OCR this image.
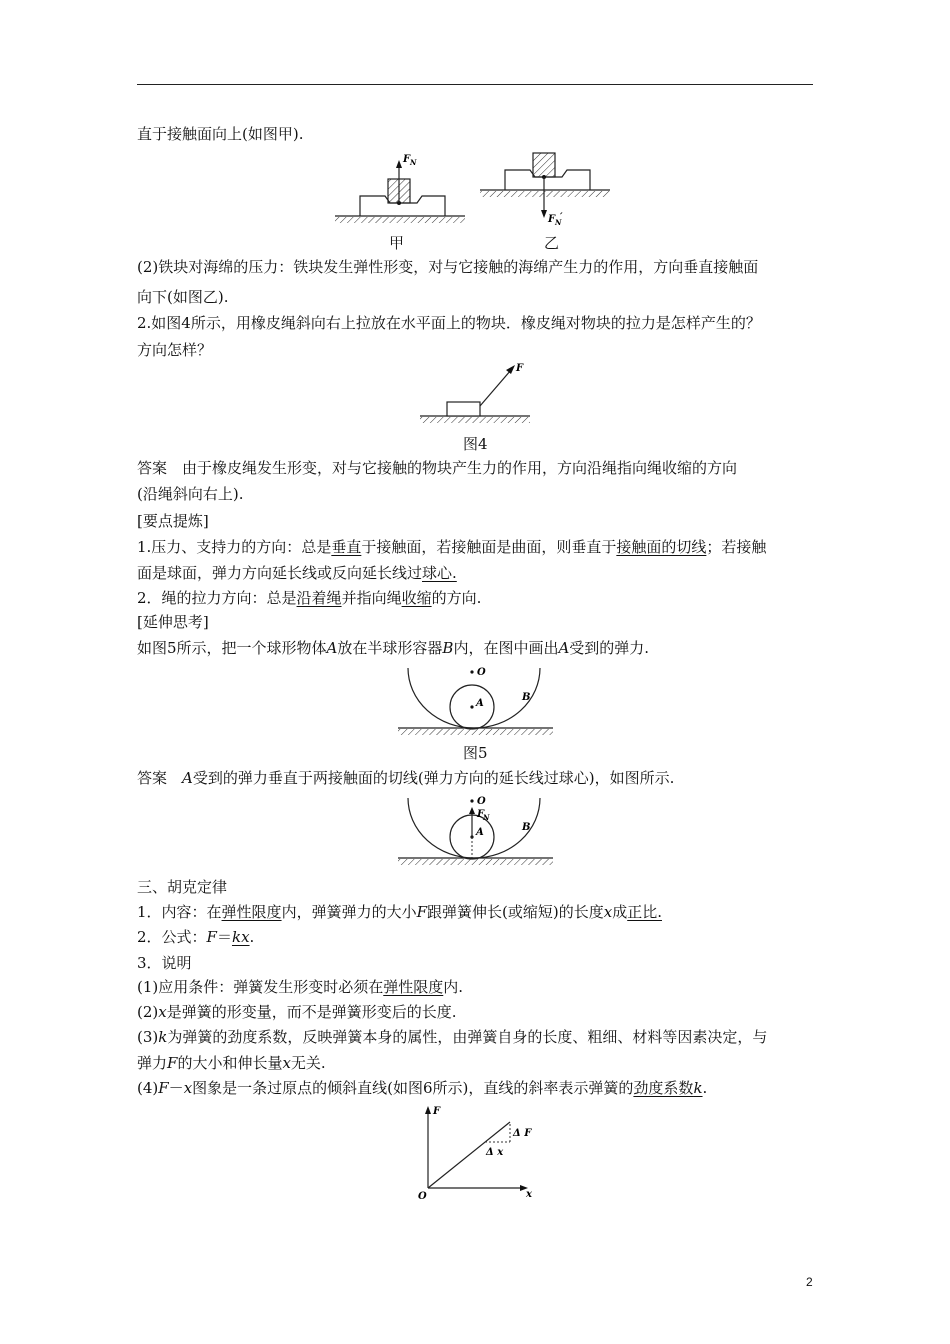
直于接触面向上(如图甲).
F N
甲
F N
′
乙
(2)铁块对海绵的压力：铁块发生弹性形变，对与它接触的海绵产生力的作用，方向垂直接触面
向下(如图乙).
2.如图4所示，用橡皮绳斜向右上拉放在水平面上的物块．橡皮绳对物块的拉力是怎样产生的？
方向怎样？
F
图4
答案　由于橡皮绳发生形变，对与它接触的物块产生力的作用，方向沿绳指向绳收缩的方向
(沿绳斜向右上).
[要点提炼]
1.压力、支持力的方向：总是垂直于接触面，若接触面是曲面，则垂直于接触面的切线；若接触
面是球面，弹力方向延长线或反向延长线过球心.
2．绳的拉力方向：总是沿着绳并指向绳收缩的方向.
[延伸思考]
如图5所示，把一个球形物体A放在半球形容器B内，在图中画出A受到的弹力.
O
A
B
图5
答案　A受到的弹力垂直于两接触面的切线(弹力方向的延长线过球心)，如图所示.
O
F
N
A	B
三、胡克定律
1．内容：在弹性限度内，弹簧弹力的大小F跟弹簧伸长(或缩短)的长度x成正比.
2．公式：F＝kx.
3．说明
(1)应用条件：弹簧发生形变时必须在弹性限度内.
(2)x是弹簧的形变量，而不是弹簧形变后的长度.
(3)k为弹簧的劲度系数，反映弹簧本身的属性，由弹簧自身的长度、粗细、材料等因素决定，与
弹力F的大小和伸长量x无关.
(4)F－x图象是一条过原点的倾斜直线(如图6所示)，直线的斜率表示弹簧的劲度系数k.
F
x
O
Δ F
Δ x
2
